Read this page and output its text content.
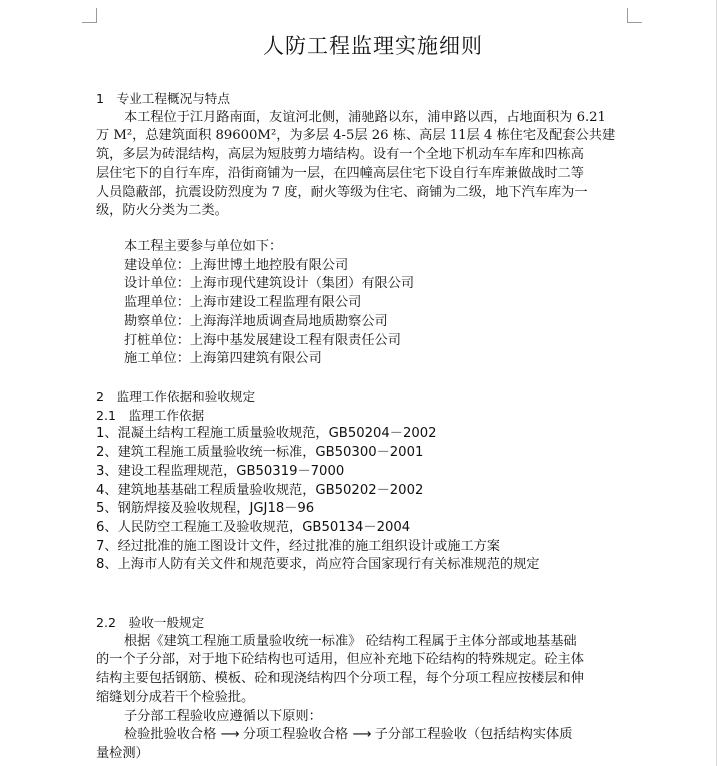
人防工程监理实施细则
1　专业工程概况与特点
本工程位于江月路南面，友谊河北侧，浦驰路以东，浦申路以西，占地面积为 6.21
万 M²，总建筑面积 89600M²，为多层 4-5层 26 栋、高层 11层 4 栋住宅及配套公共建
筑，多层为砖混结构，高层为短肢剪力墙结构。设有一个全地下机动车车库和四栋高
层住宅下的自行车库，沿街商铺为一层，在四幢高层住宅下设自行车库兼做战时二等
人员隐蔽部，抗震设防烈度为 7 度，耐火等级为住宅、商铺为二级，地下汽车库为一
级，防火分类为二类。
本工程主要参与单位如下：
建设单位：上海世博土地控股有限公司
设计单位：上海市现代建筑设计（集团）有限公司
监理单位：上海市建设工程监理有限公司
勘察单位：上海海洋地质调查局地质勘察公司
打桩单位：上海中基发展建设工程有限责任公司
施工单位：上海第四建筑有限公司
2　监理工作依据和验收规定
2.1　监理工作依据
1、混凝土结构工程施工质量验收规范，GB50204－2002
2、建筑工程施工质量验收统一标准，GB50300－2001
3、建设工程监理规范，GB50319－7000
4、建筑地基基础工程质量验收规范，GB50202－2002
5、钢筋焊接及验收规程，JGJ18－96
6、人民防空工程施工及验收规范，GB50134－2004
7、经过批准的施工图设计文件，经过批准的施工组织设计或施工方案
8、上海市人防有关文件和规范要求，尚应符合国家现行有关标准规范的规定
2.2　验收一般规定
根据《建筑工程施工质量验收统一标准》 砼结构工程属于主体分部或地基基础
的一个子分部，对于地下砼结构也可适用，但应补充地下砼结构的特殊规定。砼主体
结构主要包括钢筋、模板、砼和现浇结构四个分项工程，每个分项工程应按楼层和伸
缩缝划分成若干个检验批。
子分部工程验收应遵循以下原则：
检验批验收合格 ⟶ 分项工程验收合格 ⟶ 子分部工程验收（包括结构实体质
量检测）
